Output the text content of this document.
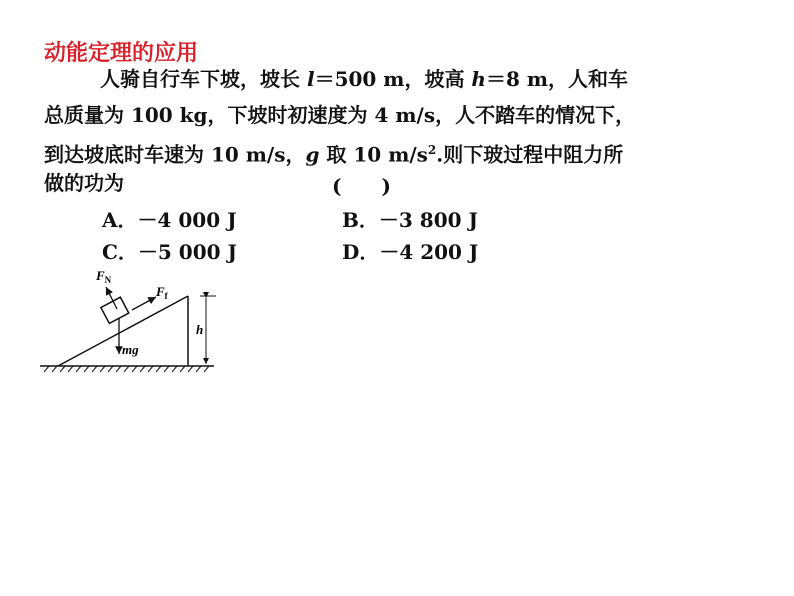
动能定理的应用
人骑自行车下坡，坡长 l＝500 m，坡高 h＝8 m，人和车
总质量为 100 kg，下坡时初速度为 4 m/s，人不踏车的情况下，
到达坡底时车速为 10 m/s，g 取 10 $m/s^2$.则下玻过程中阻力所
做的功为	(　　)
A．－4 000 J	B．－3 800 J
C．－5 000 J	D．－4 200 J
$F_N$
$F_f$
mg
h
